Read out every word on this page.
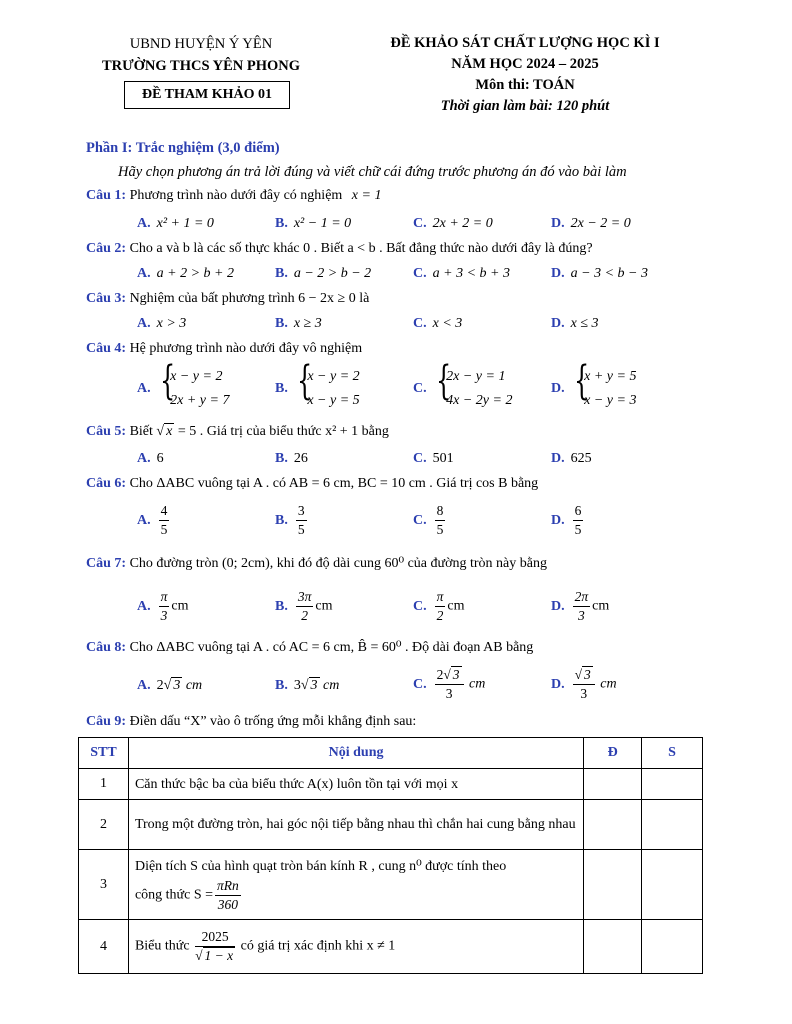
UBND HUYỆN Ý YÊN
TRƯỜNG THCS YÊN PHONG
ĐỀ THAM KHẢO 01
ĐỀ KHẢO SÁT CHẤT LƯỢNG HỌC KÌ I
NĂM HỌC 2024 – 2025
Môn thi: TOÁN
Thời gian làm bài: 120 phút
Phần I: Trắc nghiệm (3,0 điểm)
Hãy chọn phương án trả lời đúng và viết chữ cái đứng trước phương án đó vào bài làm
Câu 1: Phương trình nào dưới đây có nghiệm x = 1
A. x² + 1 = 0	B. x² − 1 = 0	C. 2x + 2 = 0	D. 2x − 2 = 0
Câu 2: Cho a và b là các số thực khác 0 . Biết a < b . Bất đẳng thức nào dưới đây là đúng?
A. a + 2 > b + 2	B. a − 2 > b − 2	C. a + 3 < b + 3	D. a − 3 < b − 3
Câu 3: Nghiệm của bất phương trình 6 − 2x ≥ 0 là
A. x > 3	B. x ≥ 3	C. x < 3	D. x ≤ 3
Câu 4: Hệ phương trình nào dưới đây vô nghiệm
A. {
x − y = 2
2x + y = 7
B. {
x − y = 2
x − y = 5
C. {
2x − y = 1
4x − 2y = 2
D. {
x + y = 5
x − y = 3
Câu 5: Biết √ x = 5 . Giá trị của biểu thức x² + 1 bằng
A. 6	B. 26	C. 501	D. 625
Câu 6: Cho ΔABC vuông tại A . có AB = 6 cm, BC = 10 cm . Giá trị cos B bằng
A. $\frac{4}{5}$	B. $\frac{3}{5}$	C. $\frac{8}{5}$	D. $\frac{6}{5}$
Câu 7: Cho đường tròn (0; 2cm), khi đó độ dài cung 60⁰ của đường tròn này bằng
A. $\frac{\pi}{3}$ cm	B. $\frac{3\pi}{2}$ cm	C. $\frac{\pi}{2}$ cm	D. $\frac{2\pi}{3}$ cm
Câu 8: Cho ΔABC vuông tại A . có AC = 6 cm, B̂ = 60⁰ . Độ dài đoạn AB bằng
A. 2√ 3 cm	B. 3√ 3 cm	C. $\frac{2√ 3}{3}$ cm	D. $\frac{√ 3}{3}$ cm
Câu 9: Điền dấu “X” vào ô trống ứng mỗi khẳng định sau:
STT	Nội dung	Đ	S
1	Căn thức bậc ba của biểu thức A(x) luôn tồn tại với mọi x		
2	Trong một đường tròn, hai góc nội tiếp bằng nhau thì chắn hai cung bằng nhau		
3	Diện tích S của hình quạt tròn bán kính R , cung n⁰ được tính theo
công thức $S = \frac{\text{πRn}}{360}$

4	Biểu thức $\frac{2025}{√ 1 - x}$ có giá trị xác định khi x ≠ 1		
